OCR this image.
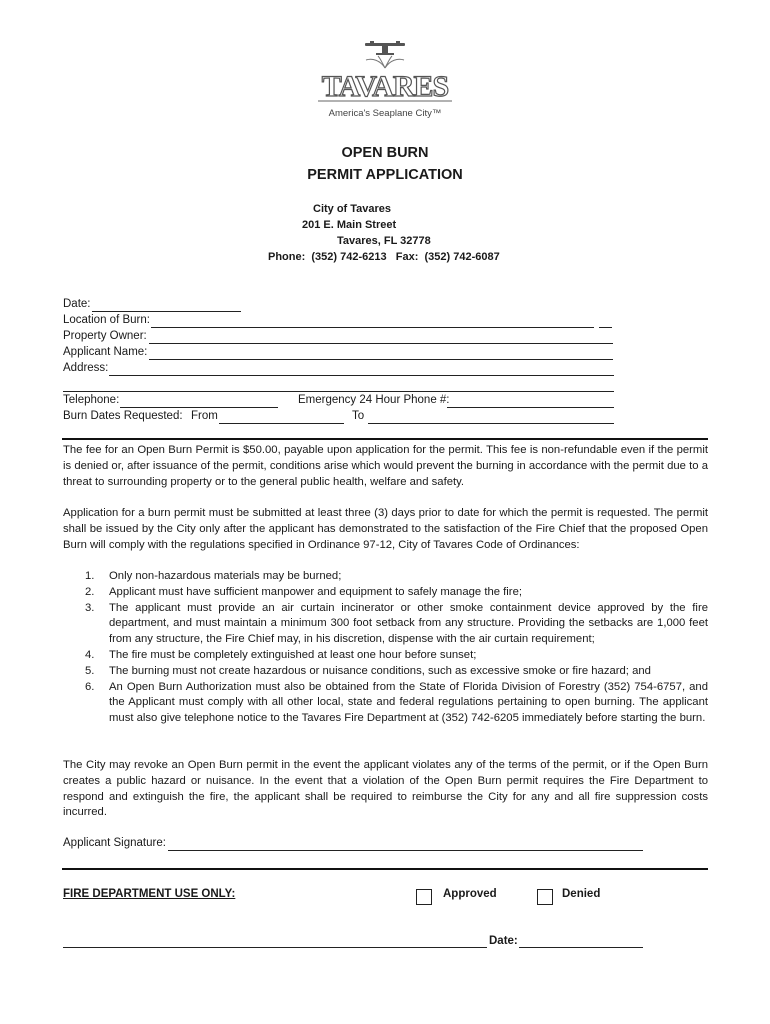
TAVARES
America's Seaplane City™
OPEN BURN
PERMIT APPLICATION
City of Tavares
201 E. Main Street
Tavares, FL 32778
Phone:  (352) 742-6213   Fax:  (352) 742-6087
Date:
Location of Burn:
Property Owner:
Applicant Name:
Address:
Telephone:	Emergency 24 Hour Phone #:
Burn Dates Requested: From	To
The fee for an Open Burn Permit is $50.00, payable upon application for the permit. This fee is non-refundable even if the permit is denied or, after issuance of the permit, conditions arise which would prevent the burning in accordance with the permit due to a threat to surrounding property or to the general public health, welfare and safety.
Application for a burn permit must be submitted at least three (3) days prior to date for which the permit is requested. The permit shall be issued by the City only after the applicant has demonstrated to the satisfaction of the Fire Chief that the proposed Open Burn will comply with the regulations specified in Ordinance 97-12, City of Tavares Code of Ordinances:
1. Only non-hazardous materials may be burned;
2. Applicant must have sufficient manpower and equipment to safely manage the fire;
3. The applicant must provide an air curtain incinerator or other smoke containment device approved by the fire department, and must maintain a minimum 300 foot setback from any structure. Providing the setbacks are 1,000 feet from any structure, the Fire Chief may, in his discretion, dispense with the air curtain requirement;
4. The fire must be completely extinguished at least one hour before sunset;
5. The burning must not create hazardous or nuisance conditions, such as excessive smoke or fire hazard; and
6. An Open Burn Authorization must also be obtained from the State of Florida Division of Forestry (352) 754-6757, and the Applicant must comply with all other local, state and federal regulations pertaining to open burning. The applicant must also give telephone notice to the Tavares Fire Department at (352) 742-6205 immediately before starting the burn.
The City may revoke an Open Burn permit in the event the applicant violates any of the terms of the permit, or if the Open Burn creates a public hazard or nuisance. In the event that a violation of the Open Burn permit requires the Fire Department to respond and extinguish the fire, the applicant shall be required to reimburse the City for any and all fire suppression costs incurred.
Applicant Signature:
FIRE DEPARTMENT USE ONLY:	Approved	Denied
Date:
